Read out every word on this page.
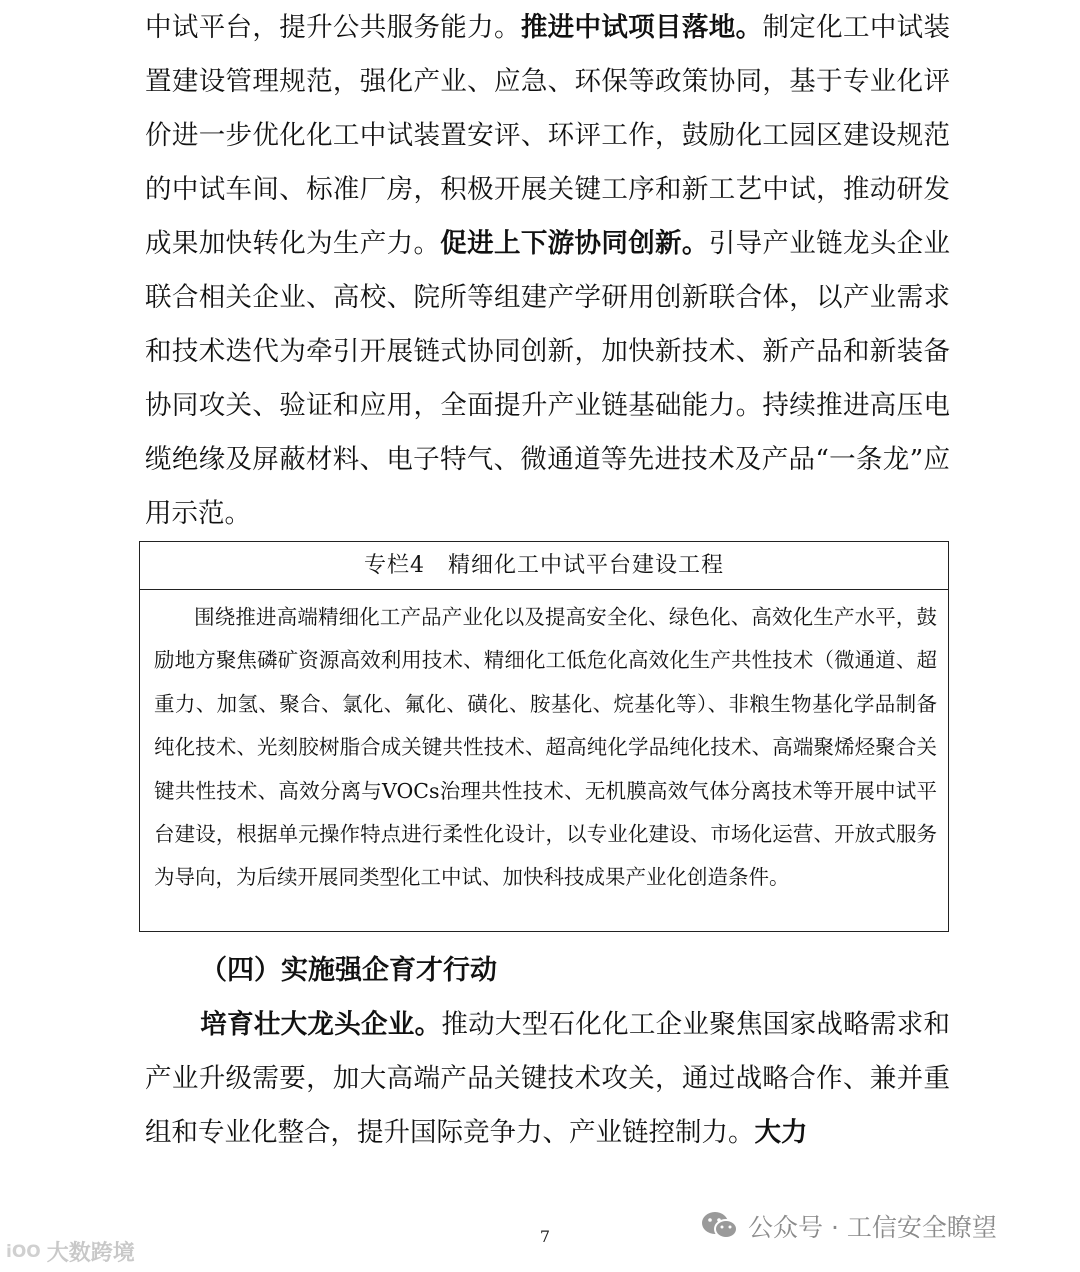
中试平台，提升公共服务能力。推进中试项目落地。制定化工中试装置建设管理规范，强化产业、应急、环保等政策协同，基于专业化评价进一步优化化工中试装置安评、环评工作，鼓励化工园区建设规范的中试车间、标准厂房，积极开展关键工序和新工艺中试，推动研发成果加快转化为生产力。促进上下游协同创新。引导产业链龙头企业联合相关企业、高校、院所等组建产学研用创新联合体，以产业需求和技术迭代为牵引开展链式协同创新，加快新技术、新产品和新装备协同攻关、验证和应用，全面提升产业链基础能力。持续推进高压电缆绝缘及屏蔽材料、电子特气、微通道等先进技术及产品“一条龙”应用示范。

专栏4　精细化工中试平台建设工程
围绕推进高端精细化工产品产业化以及提高安全化、绿色化、高效化生产水平，鼓励地方聚焦磷矿资源高效利用技术、精细化工低危化高效化生产共性技术（微通道、超重力、加氢、聚合、氯化、氟化、磺化、胺基化、烷基化等）、非粮生物基化学品制备纯化技术、光刻胶树脂合成关键共性技术、超高纯化学品纯化技术、高端聚烯烃聚合关键共性技术、高效分离与VOCs治理共性技术、无机膜高效气体分离技术等开展中试平台建设，根据单元操作特点进行柔性化设计，以专业化建设、市场化运营、开放式服务为导向，为后续开展同类型化工中试、加快科技成果产业化创造条件。

（四）实施强企育才行动

培育壮大龙头企业。推动大型石化化工企业聚焦国家战略需求和产业升级需要，加大高端产品关键技术攻关，通过战略合作、兼并重组和专业化整合，提升国际竞争力、产业链控制力。大力

7
iOO 大数跨境
公众号 · 工信安全瞭望
